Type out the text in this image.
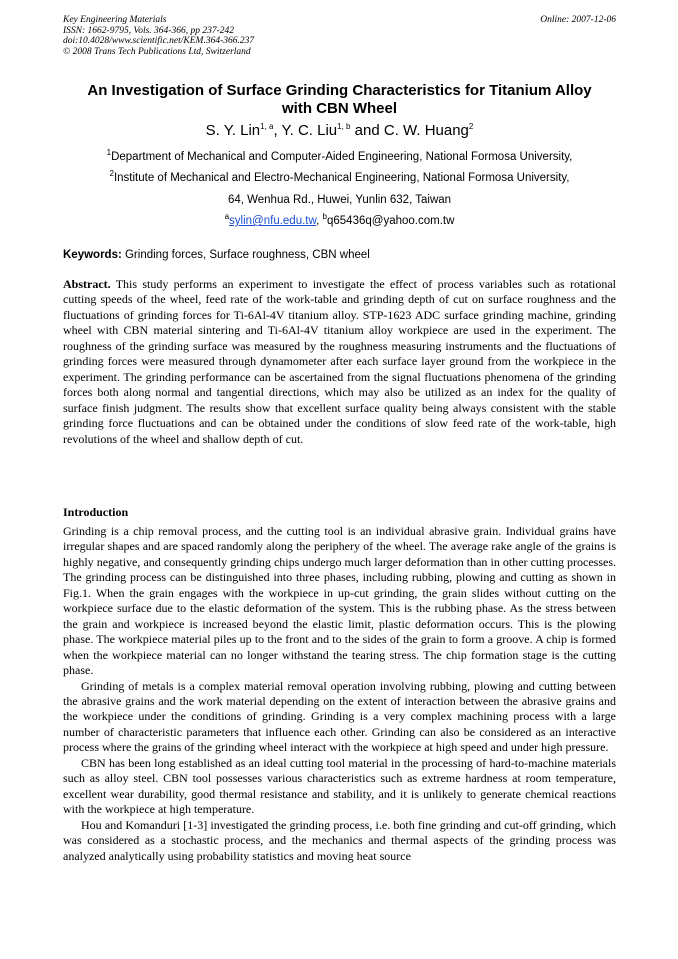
Key Engineering Materials
ISSN: 1662-9795, Vols. 364-366, pp 237-242
doi:10.4028/www.scientific.net/KEM.364-366.237
© 2008 Trans Tech Publications Ltd, Switzerland
Online: 2007-12-06
An Investigation of Surface Grinding Characteristics for Titanium Alloy
with CBN Wheel
S. Y. Lin$^{1, a}$, Y. C. Liu$^{1, b}$ and C. W. Huang$^2$
$^1$Department of Mechanical and Computer-Aided Engineering, National Formosa University,
$^2$Institute of Mechanical and Electro-Mechanical Engineering, National Formosa University,
64, Wenhua Rd., Huwei, Yunlin 632, Taiwan
$^a$sylin@nfu.edu.tw, $^b$q65436q@yahoo.com.tw
Keywords: Grinding forces, Surface roughness, CBN wheel
Abstract. This study performs an experiment to investigate the effect of process variables such as rotational cutting speeds of the wheel, feed rate of the work-table and grinding depth of cut on surface roughness and the fluctuations of grinding forces for Ti-6Al-4V titanium alloy. STP-1623 ADC surface grinding machine, grinding wheel with CBN material sintering and Ti-6Al-4V titanium alloy workpiece are used in the experiment. The roughness of the grinding surface was measured by the roughness measuring instruments and the fluctuations of grinding forces were measured through dynamometer after each surface layer ground from the workpiece in the experiment. The grinding performance can be ascertained from the signal fluctuations phenomena of the grinding forces both along normal and tangential directions, which may also be utilized as an index for the quality of surface finish judgment. The results show that excellent surface quality being always consistent with the stable grinding force fluctuations and can be obtained under the conditions of slow feed rate of the work-table, high revolutions of the wheel and shallow depth of cut.
Introduction

Grinding is a chip removal process, and the cutting tool is an individual abrasive grain. Individual grains have irregular shapes and are spaced randomly along the periphery of the wheel. The average rake angle of the grains is highly negative, and consequently grinding chips undergo much larger deformation than in other cutting processes. The grinding process can be distinguished into three phases, including rubbing, plowing and cutting as shown in Fig.1. When the grain engages with the workpiece in up-cut grinding, the grain slides without cutting on the workpiece surface due to the elastic deformation of the system. This is the rubbing phase. As the stress between the grain and workpiece is increased beyond the elastic limit, plastic deformation occurs. This is the plowing phase. The workpiece material piles up to the front and to the sides of the grain to form a groove. A chip is formed when the workpiece material can no longer withstand the tearing stress. The chip formation stage is the cutting phase.

Grinding of metals is a complex material removal operation involving rubbing, plowing and cutting between the abrasive grains and the work material depending on the extent of interaction between the abrasive grains and the workpiece under the conditions of grinding. Grinding is a very complex machining process with a large number of characteristic parameters that influence each other. Grinding can also be considered as an interactive process where the grains of the grinding wheel interact with the workpiece at high speed and under high pressure.

CBN has been long established as an ideal cutting tool material in the processing of hard-to-machine materials such as alloy steel. CBN tool possesses various characteristics such as extreme hardness at room temperature, excellent wear durability, good thermal resistance and stability, and it is unlikely to generate chemical reactions with the workpiece at high temperature.

Hou and Komanduri [1-3] investigated the grinding process, i.e. both fine grinding and cut-off grinding, which was considered as a stochastic process, and the mechanics and thermal aspects of the grinding process was analyzed analytically using probability statistics and moving heat source
